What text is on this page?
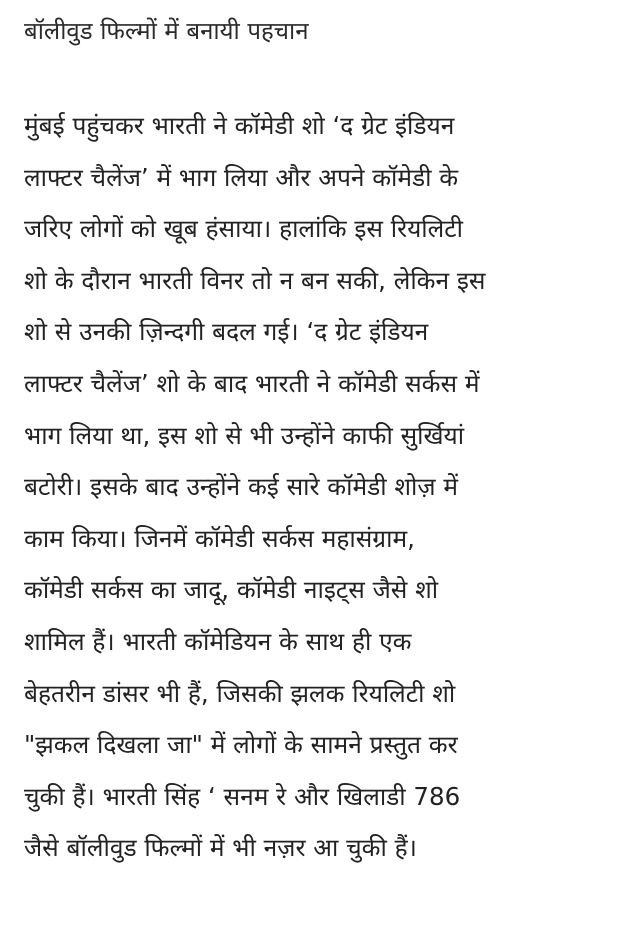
बॉलीवुड फिल्मों में बनायी पहचान
मुंबई पहुंचकर भारती ने कॉमेडी शो ‘द ग्रेट इंडियन
लाफ्टर चैलेंज’ में भाग लिया और अपने कॉमेडी के
जरिए लोगों को खूब हंसाया। हालांकि इस रियलिटी
शो के दौरान भारती विनर तो न बन सकी, लेकिन इस
शो से उनकी ज़िन्दगी बदल गई। ‘द ग्रेट इंडियन
लाफ्टर चैलेंज’ शो के बाद भारती ने कॉमेडी सर्कस में
भाग लिया था, इस शो से भी उन्होंने काफी सुर्खियां
बटोरी। इसके बाद उन्होंने कई सारे कॉमेडी शोज़ में
काम किया। जिनमें कॉमेडी सर्कस महासंग्राम,
कॉमेडी सर्कस का जादू, कॉमेडी नाइट्स जैसे शो
शामिल हैं। भारती कॉमेडियन के साथ ही एक
बेहतरीन डांसर भी हैं, जिसकी झलक रियलिटी शो
"झकल दिखला जा" में लोगों के सामने प्रस्तुत कर
चुकी हैं। भारती सिंह ‘ सनम रे और खिलाडी 786
जैसे बॉलीवुड फिल्मों में भी नज़र आ चुकी हैं।
